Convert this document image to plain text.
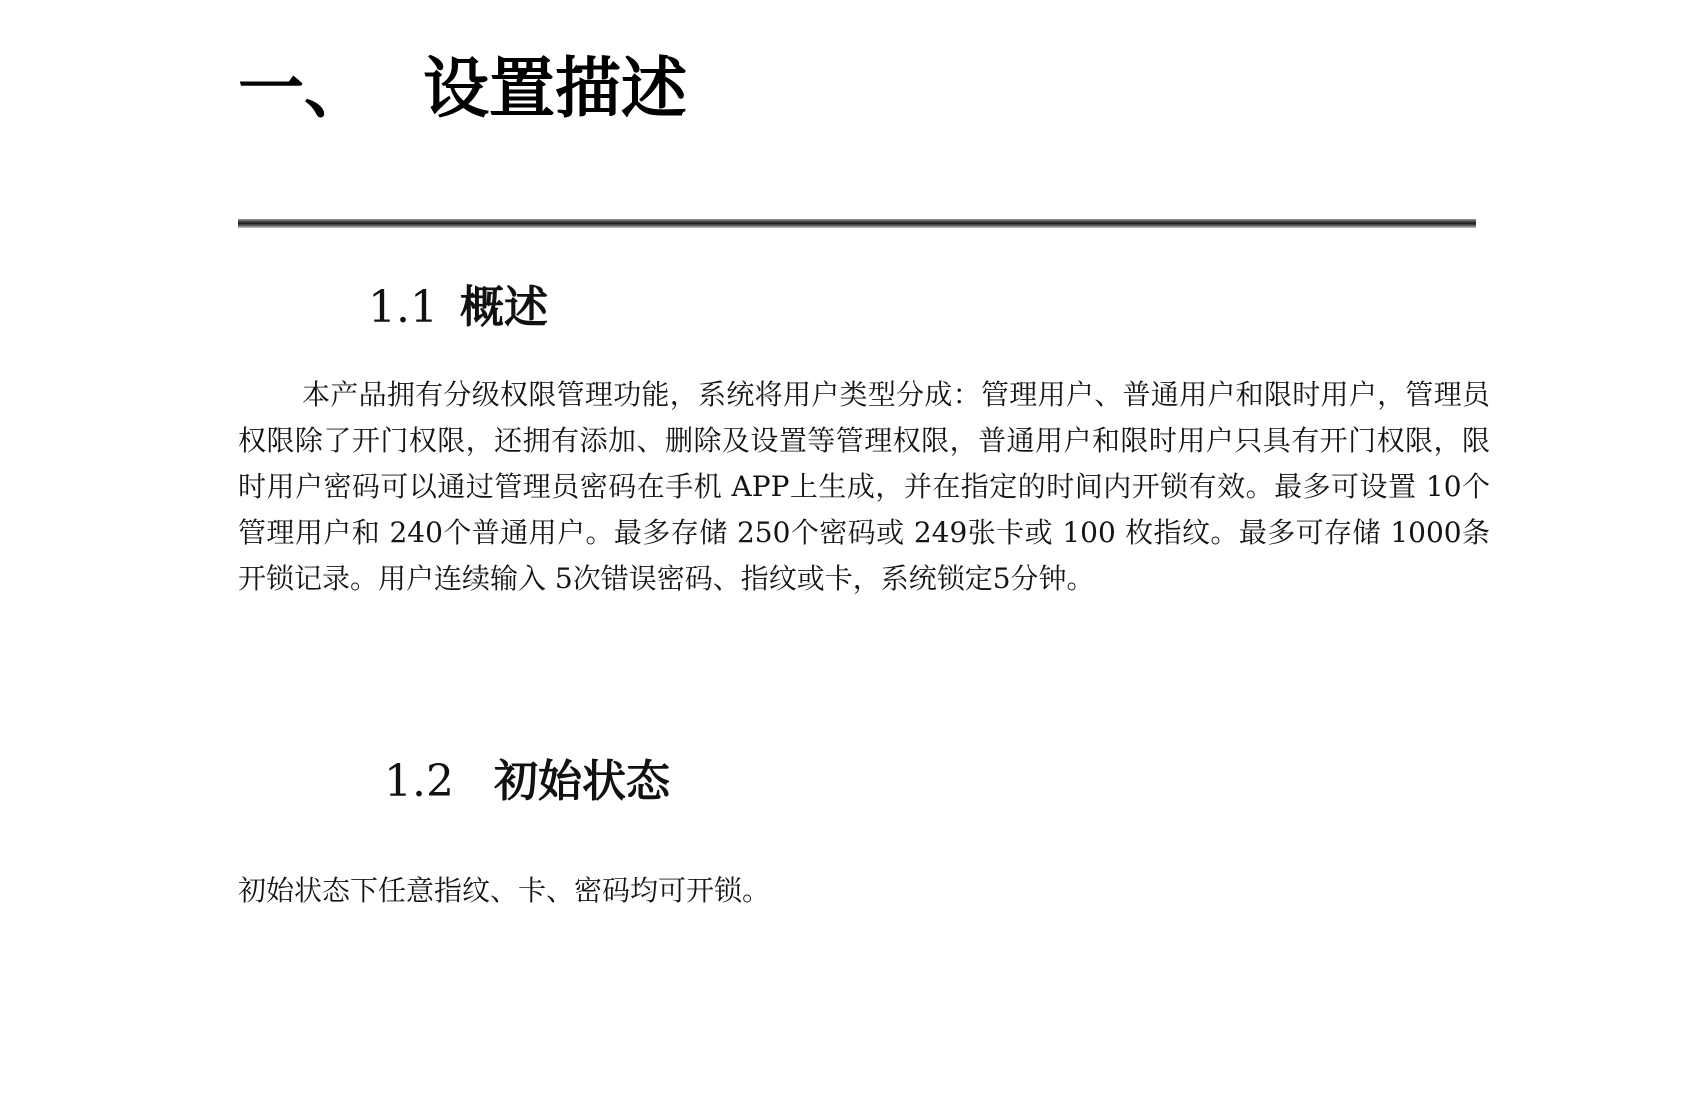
一、 设置描述
1.1 概述

本产品拥有分级权限管理功能，系统将用户类型分成：管理用户、普通用户和限时用户，管理员权限除了开门权限，还拥有添加、删除及设置等管理权限，普通用户和限时用户只具有开门权限，限时用户密码可以通过管理员密码在手机 APP上生成，并在指定的时间内开锁有效。最多可设置 10个管理用户和 240个普通用户。最多存储 250个密码或 249张卡或 100 枚指纹。最多可存储 1000条开锁记录。用户连续输入 5次错误密码、指纹或卡，系统锁定5分钟。

1.2 初始状态

初始状态下任意指纹、卡、密码均可开锁。
